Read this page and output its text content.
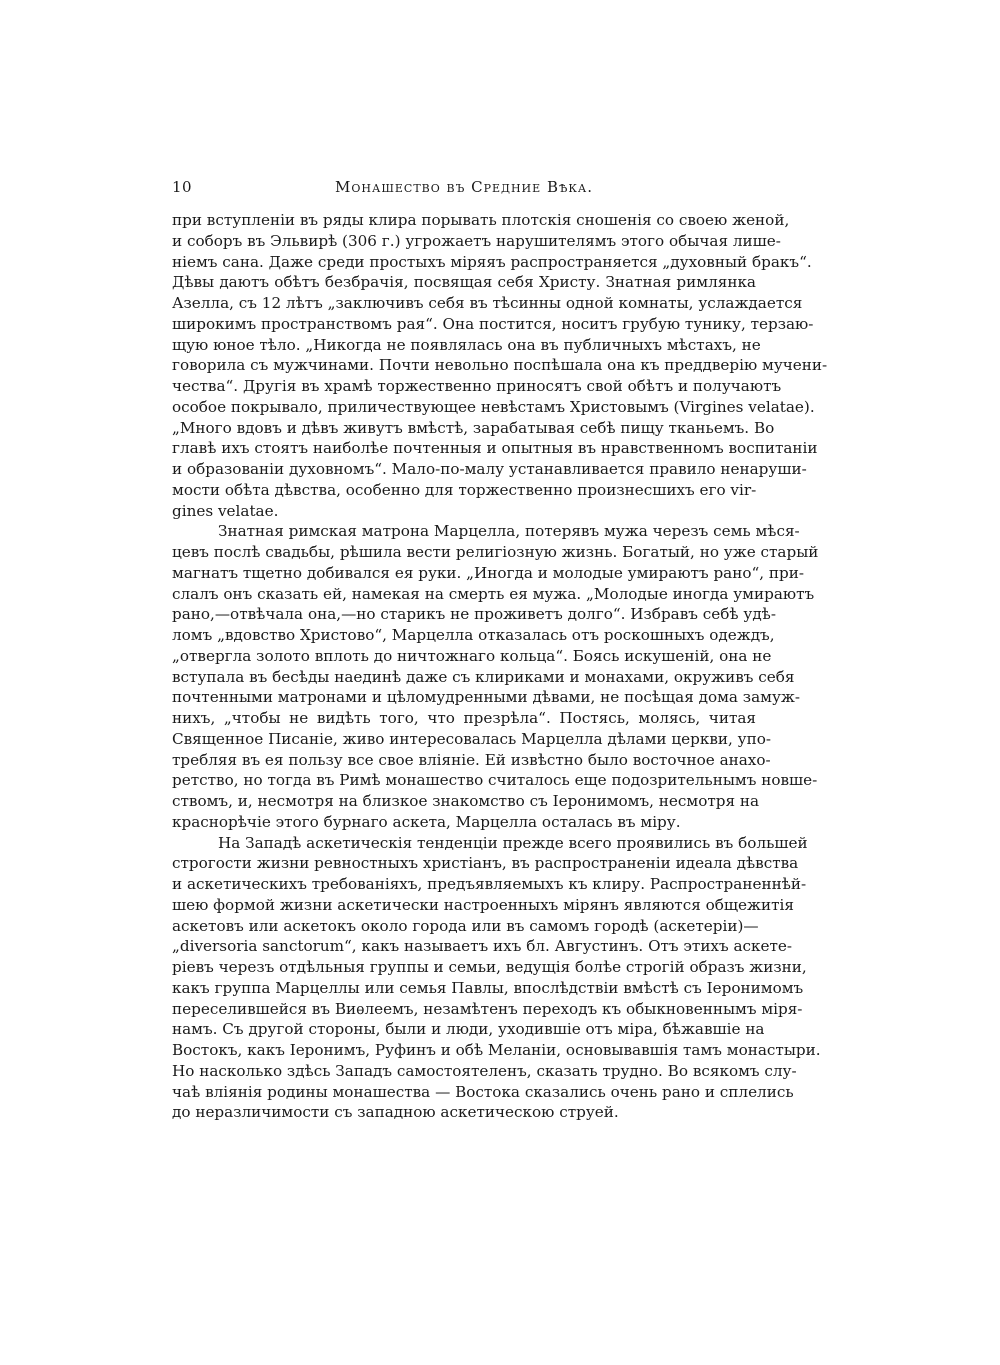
10	Монашество въ Средние Вѣка.
при вступленіи въ ряды клира порывать плотскія сношенія со своею женой,
и соборъ въ Эльвирѣ (306 г.) угрожаетъ нарушителямъ этого обычая лише-
ніемъ сана. Даже среди простыхъ міряяъ распространяется „духовный бракъ“.
Дѣвы даютъ обѣтъ безбрачія, посвящая себя Христу. Знатная римлянка
Азелла, съ 12 лѣтъ „заключивъ себя въ тѣсинны одной комнаты, услаждается
широкимъ пространствомъ рая“. Она поститcя, носитъ грубую тунику, терзаю-
щую юное тѣло. „Никогда не появлялась она въ публичныхъ мѣстахъ, не
говорила съ мужчинами. Почти невольно поспѣшала она къ преддверію мучени-
чества“. Другія въ храмѣ торжественно приносятъ свой обѣтъ и получаютъ
особое покрывало, приличествующее невѣстамъ Христовымъ (Virgines velatae).
„Много вдовъ и дѣвъ живутъ вмѣстѣ, зарабатывая себѣ пищу тканьемъ. Во
главѣ ихъ стоятъ наиболѣе почтенныя и опытныя въ нравственномъ воспитаніи
и образованіи духовномъ“. Мало-по-малу устанавливается правило ненаруши-
мости обѣта дѣвства, особенно для торжественно произнесшихъ его vir-
gines velatae.
Знатная римская матрона Марцелла, потерявъ мужа черезъ семь мѣся-
цевъ послѣ свадьбы, рѣшила вести религіозную жизнь. Богатый, но уже старый
магнатъ тщетно добивался ея руки. „Иногда и молодые умираютъ рано“, при-
слалъ онъ сказать ей, намекая на смерть ея мужа. „Молодые иногда умираютъ
рано,—отвѣчала она,—но старикъ не проживетъ долго“. Избравъ себѣ удѣ-
ломъ „вдовство Христово“, Марцелла отказалась отъ роскошныхъ одеждъ,
„отвергла золото вплоть до ничтожнаго кольца“. Боясь искушеній, она не
вступала въ бесѣды наединѣ даже съ клириками и монахами, окруживъ себя
почтенными матронами и цѣломудренными дѣвами, не посѣщая дома замуж-
нихъ, „чтобы не видѣть того, что презрѣла“. Постясь, молясь, читая
Священное Писаніе, живо интересовалась Марцелла дѣлами церкви, упо-
требляя въ ея пользу все свое вліяніе. Ей извѣстно было восточное анахо-
ретство, но тогда въ Римѣ монашество считалось еще подозрительнымъ новше-
ствомъ, и, несмотря на близкое знакомство съ Іеронимомъ, несмотря на
краснорѣчіе этого бурнаго аскета, Марцелла осталась въ міру.
На Западѣ аскетическія тенденціи прежде всего проявились въ большей
строгости жизни ревностныхъ христіанъ, въ распространеніи идеала дѣвства
и аскетическихъ требованіяхъ, предъявляемыхъ къ клиру. Распространеннѣй-
шею формой жизни аскетически настроенныхъ мірянъ являются общежитія
аскетовъ или аскетокъ около города или въ самомъ городѣ (аскетеріи)—
„diversoria sanctorum“, какъ называетъ ихъ бл. Августинъ. Отъ этихъ аскете-
ріевъ черезъ отдѣльныя группы и семьи, ведущія болѣе строгій образъ жизни,
какъ группа Марцеллы или семья Павлы, впослѣдствіи вмѣстѣ съ Іеронимомъ
переселившейся въ Виѳлеемъ, незамѣтенъ переходъ къ обыкновеннымъ міря-
намъ. Съ другой стороны, были и люди, уходившіе отъ міра, бѣжавшіе на
Востокъ, какъ Іеронимъ, Руфинъ и обѣ Меланіи, основывавшія тамъ монастыри.
Но насколько здѣсь Западъ самостоятеленъ, сказать трудно. Во всякомъ слу-
чаѣ вліянія родины монашества — Востока сказались очень рано и сплелись
до неразличимости съ западною аскетическою струей.
